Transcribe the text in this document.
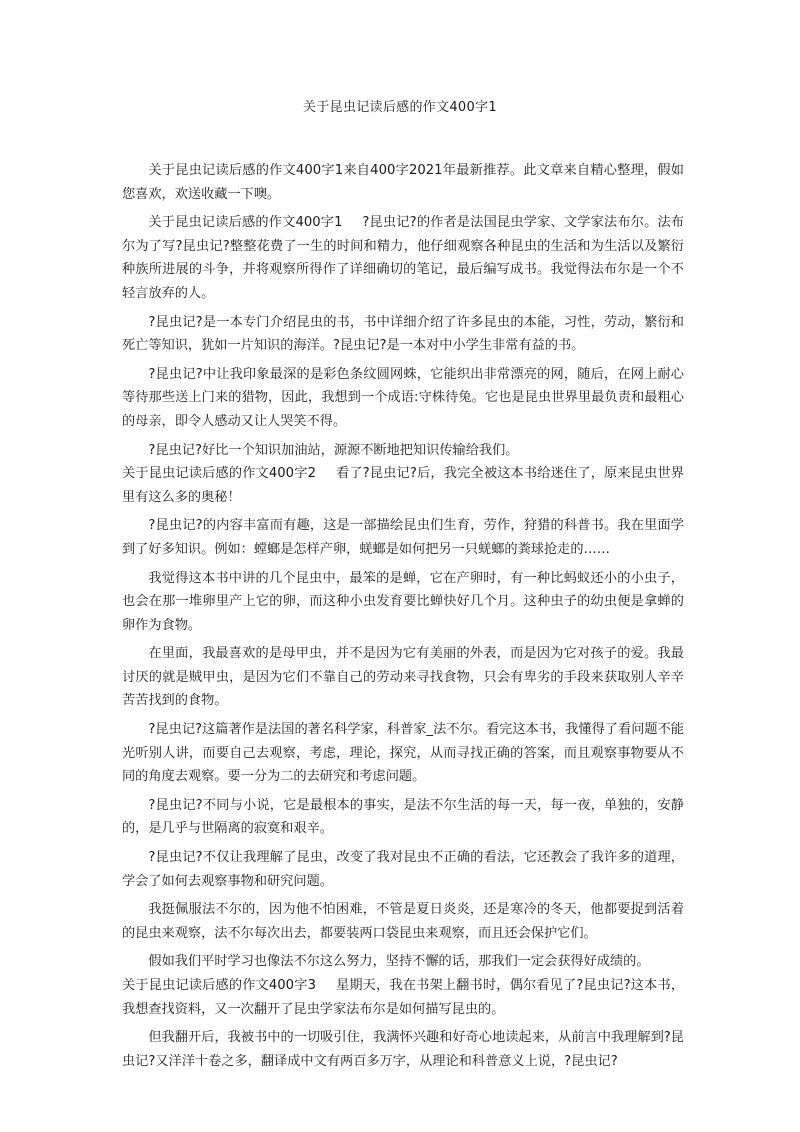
关于昆虫记读后感的作文400字1

关于昆虫记读后感的作文400字1来自400字2021年最新推荐。此文章来自精心整理，假如您喜欢，欢送收藏一下噢。

关于昆虫记读后感的作文400字1 ?昆虫记?的作者是法国昆虫学家、文学家法布尔。法布尔为了写?昆虫记?整整花费了一生的时间和精力，他仔细观察各种昆虫的生活和为生活以及繁衍种族所进展的斗争，并将观察所得作了详细确切的笔记，最后编写成书。我觉得法布尔是一个不轻言放弃的人。

?昆虫记?是一本专门介绍昆虫的书，书中详细介绍了许多昆虫的本能，习性，劳动，繁衍和死亡等知识，犹如一片知识的海洋。?昆虫记?是一本对中小学生非常有益的书。

?昆虫记?中让我印象最深的是彩色条纹圆网蛛，它能织出非常漂亮的网，随后，在网上耐心等待那些送上门来的猎物，因此，我想到一个成语:守株待兔。它也是昆虫世界里最负责和最粗心的母亲，即令人感动又让人哭笑不得。

?昆虫记?好比一个知识加油站，源源不断地把知识传输给我们。

关于昆虫记读后感的作文400字2 看了?昆虫记?后，我完全被这本书给迷住了，原来昆虫世界里有这么多的奥秘！

?昆虫记?的内容丰富而有趣，这是一部描绘昆虫们生育，劳作，狩猎的科普书。我在里面学到了好多知识。例如：螳螂是怎样产卵，蜣螂是如何把另一只蜣螂的粪球抢走的……

我觉得这本书中讲的几个昆虫中，最笨的是蝉，它在产卵时，有一种比蚂蚁还小的小虫子，也会在那一堆卵里产上它的卵，而这种小虫发育要比蝉快好几个月。这种虫子的幼虫便是拿蝉的卵作为食物。

在里面，我最喜欢的是母甲虫，并不是因为它有美丽的外表，而是因为它对孩子的爱。我最讨厌的就是贼甲虫，是因为它们不靠自己的劳动来寻找食物，只会有卑劣的手段来获取别人辛辛苦苦找到的食物。

?昆虫记?这篇著作是法国的著名科学家，科普家_法不尔。看完这本书，我懂得了看问题不能光听别人讲，而要自己去观察，考虑，理论，探究，从而寻找正确的答案，而且观察事物要从不同的角度去观察。要一分为二的去研究和考虑问题。

?昆虫记?不同与小说，它是最根本的事实，是法不尔生活的每一天，每一夜，单独的，安静的，是几乎与世隔离的寂寞和艰辛。

?昆虫记?不仅让我理解了昆虫，改变了我对昆虫不正确的看法，它还教会了我许多的道理，学会了如何去观察事物和研究问题。

我挺佩服法不尔的，因为他不怕困难，不管是夏日炎炎，还是寒冷的冬天，他都要捉到活着的昆虫来观察，法不尔每次出去，都要装两口袋昆虫来观察，而且还会保护它们。

假如我们平时学习也像法不尔这么努力，坚持不懈的话，那我们一定会获得好成绩的。

关于昆虫记读后感的作文400字3 星期天，我在书架上翻书时，偶尔看见了?昆虫记?这本书，我想查找资料，又一次翻开了昆虫学家法布尔是如何描写昆虫的。

但我翻开后，我被书中的一切吸引住，我满怀兴趣和好奇心地读起来，从前言中我理解到?昆虫记?又洋洋十卷之多，翻译成中文有两百多万字，从理论和科普意义上说，?昆虫记?
